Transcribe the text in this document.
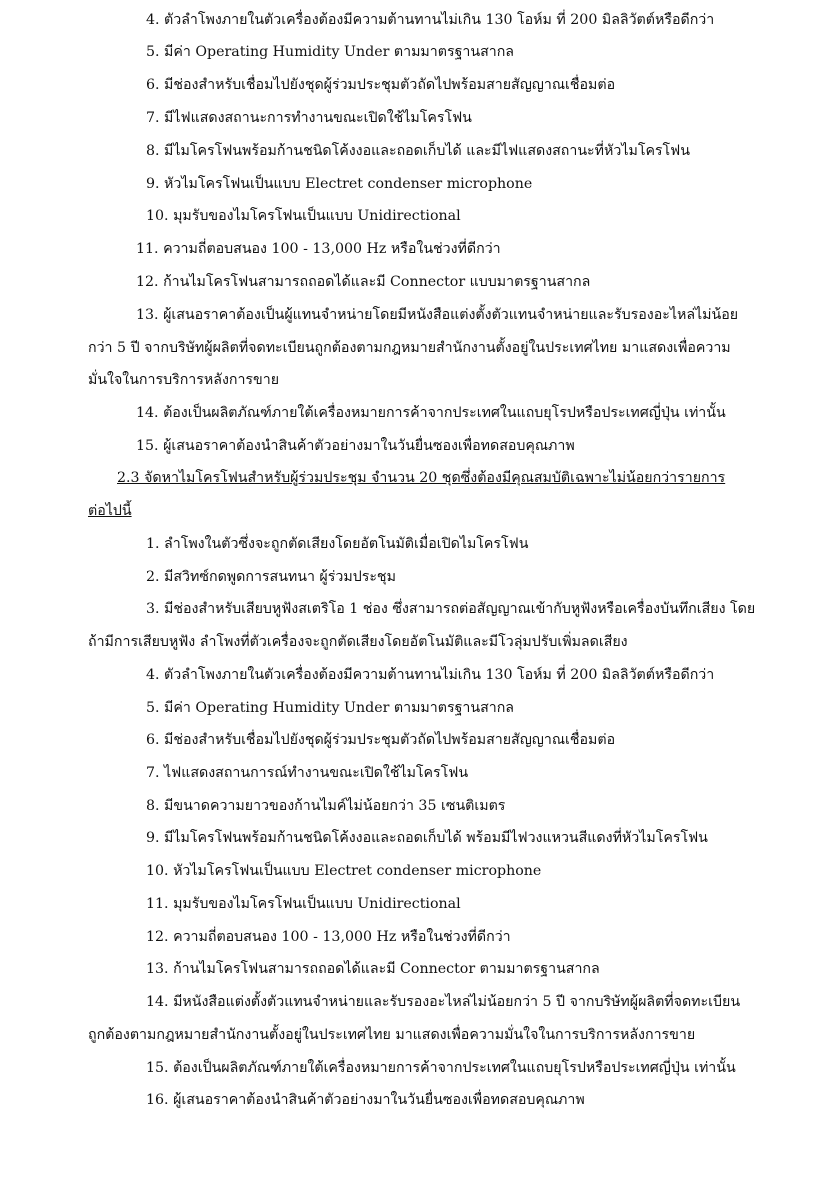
4. ตัวลำโพงภายในตัวเครื่องต้องมีความต้านทานไม่เกิน 130 โอห์ม ที่ 200 มิลลิวัตต์หรือดีกว่า
5. มีค่า Operating Humidity Under ตามมาตรฐานสากล
6. มีช่องสำหรับเชื่อมไปยังชุดผู้ร่วมประชุมตัวถัดไปพร้อมสายสัญญาณเชื่อมต่อ
7. มีไฟแสดงสถานะการทำงานขณะเปิดใช้ไมโครโฟน
8. มีไมโครโฟนพร้อมก้านชนิดโค้งงอและถอดเก็บได้ และมีไฟแสดงสถานะที่หัวไมโครโฟน
9. หัวไมโครโฟนเป็นแบบ Electret condenser microphone
10. มุมรับของไมโครโฟนเป็นแบบ Unidirectional
11. ความถี่ตอบสนอง 100 - 13,000 Hz หรือในช่วงที่ดีกว่า
12. ก้านไมโครโฟนสามารถถอดได้และมี Connector แบบมาตรฐานสากล
13. ผู้เสนอราคาต้องเป็นผู้แทนจำหน่ายโดยมีหนังสือแต่งตั้งตัวแทนจำหน่ายและรับรองอะไหล่ไม่น้อย
กว่า 5 ปี จากบริษัทผู้ผลิตที่จดทะเบียนถูกต้องตามกฎหมายสำนักงานตั้งอยู่ในประเทศไทย มาแสดงเพื่อความ
มั่นใจในการบริการหลังการขาย
14. ต้องเป็นผลิตภัณฑ์ภายใต้เครื่องหมายการค้าจากประเทศในแถบยุโรปหรือประเทศญี่ปุ่น เท่านั้น
15. ผู้เสนอราคาต้องนำสินค้าตัวอย่างมาในวันยื่นซองเพื่อทดสอบคุณภาพ
2.3 จัดหาไมโครโฟนสำหรับผู้ร่วมประชุม จำนวน 20 ชุดซึ่งต้องมีคุณสมบัติเฉพาะไม่น้อยกว่ารายการ
ต่อไปนี้
1. ลำโพงในตัวซึ่งจะถูกตัดเสียงโดยอัตโนมัติเมื่อเปิดไมโครโฟน
2. มีสวิทซ์กดพูดการสนทนา ผู้ร่วมประชุม
3. มีช่องสำหรับเสียบหูฟังสเตริโอ 1 ช่อง ซึ่งสามารถต่อสัญญาณเข้ากับหูฟังหรือเครื่องบันทึกเสียง โดย
ถ้ามีการเสียบหูฟัง ลำโพงที่ตัวเครื่องจะถูกตัดเสียงโดยอัตโนมัติและมีโวลุ่มปรับเพิ่มลดเสียง
4. ตัวลำโพงภายในตัวเครื่องต้องมีความต้านทานไม่เกิน 130 โอห์ม ที่ 200 มิลลิวัตต์หรือดีกว่า
5. มีค่า Operating Humidity Under ตามมาตรฐานสากล
6. มีช่องสำหรับเชื่อมไปยังชุดผู้ร่วมประชุมตัวถัดไปพร้อมสายสัญญาณเชื่อมต่อ
7. ไฟแสดงสถานการณ์ทำงานขณะเปิดใช้ไมโครโฟน
8. มีขนาดความยาวของก้านไมค์ไม่น้อยกว่า 35 เซนติเมตร
9. มีไมโครโฟนพร้อมก้านชนิดโค้งงอและถอดเก็บได้ พร้อมมีไฟวงแหวนสีแดงที่หัวไมโครโฟน
10. หัวไมโครโฟนเป็นแบบ Electret condenser microphone
11. มุมรับของไมโครโฟนเป็นแบบ Unidirectional
12. ความถี่ตอบสนอง 100 - 13,000 Hz หรือในช่วงที่ดีกว่า
13. ก้านไมโครโฟนสามารถถอดได้และมี Connector ตามมาตรฐานสากล
14. มีหนังสือแต่งตั้งตัวแทนจำหน่ายและรับรองอะไหล่ไม่น้อยกว่า 5 ปี จากบริษัทผู้ผลิตที่จดทะเบียน
ถูกต้องตามกฎหมายสำนักงานตั้งอยู่ในประเทศไทย มาแสดงเพื่อความมั่นใจในการบริการหลังการขาย
15. ต้องเป็นผลิตภัณฑ์ภายใต้เครื่องหมายการค้าจากประเทศในแถบยุโรปหรือประเทศญี่ปุ่น เท่านั้น
16. ผู้เสนอราคาต้องนำสินค้าตัวอย่างมาในวันยื่นซองเพื่อทดสอบคุณภาพ
